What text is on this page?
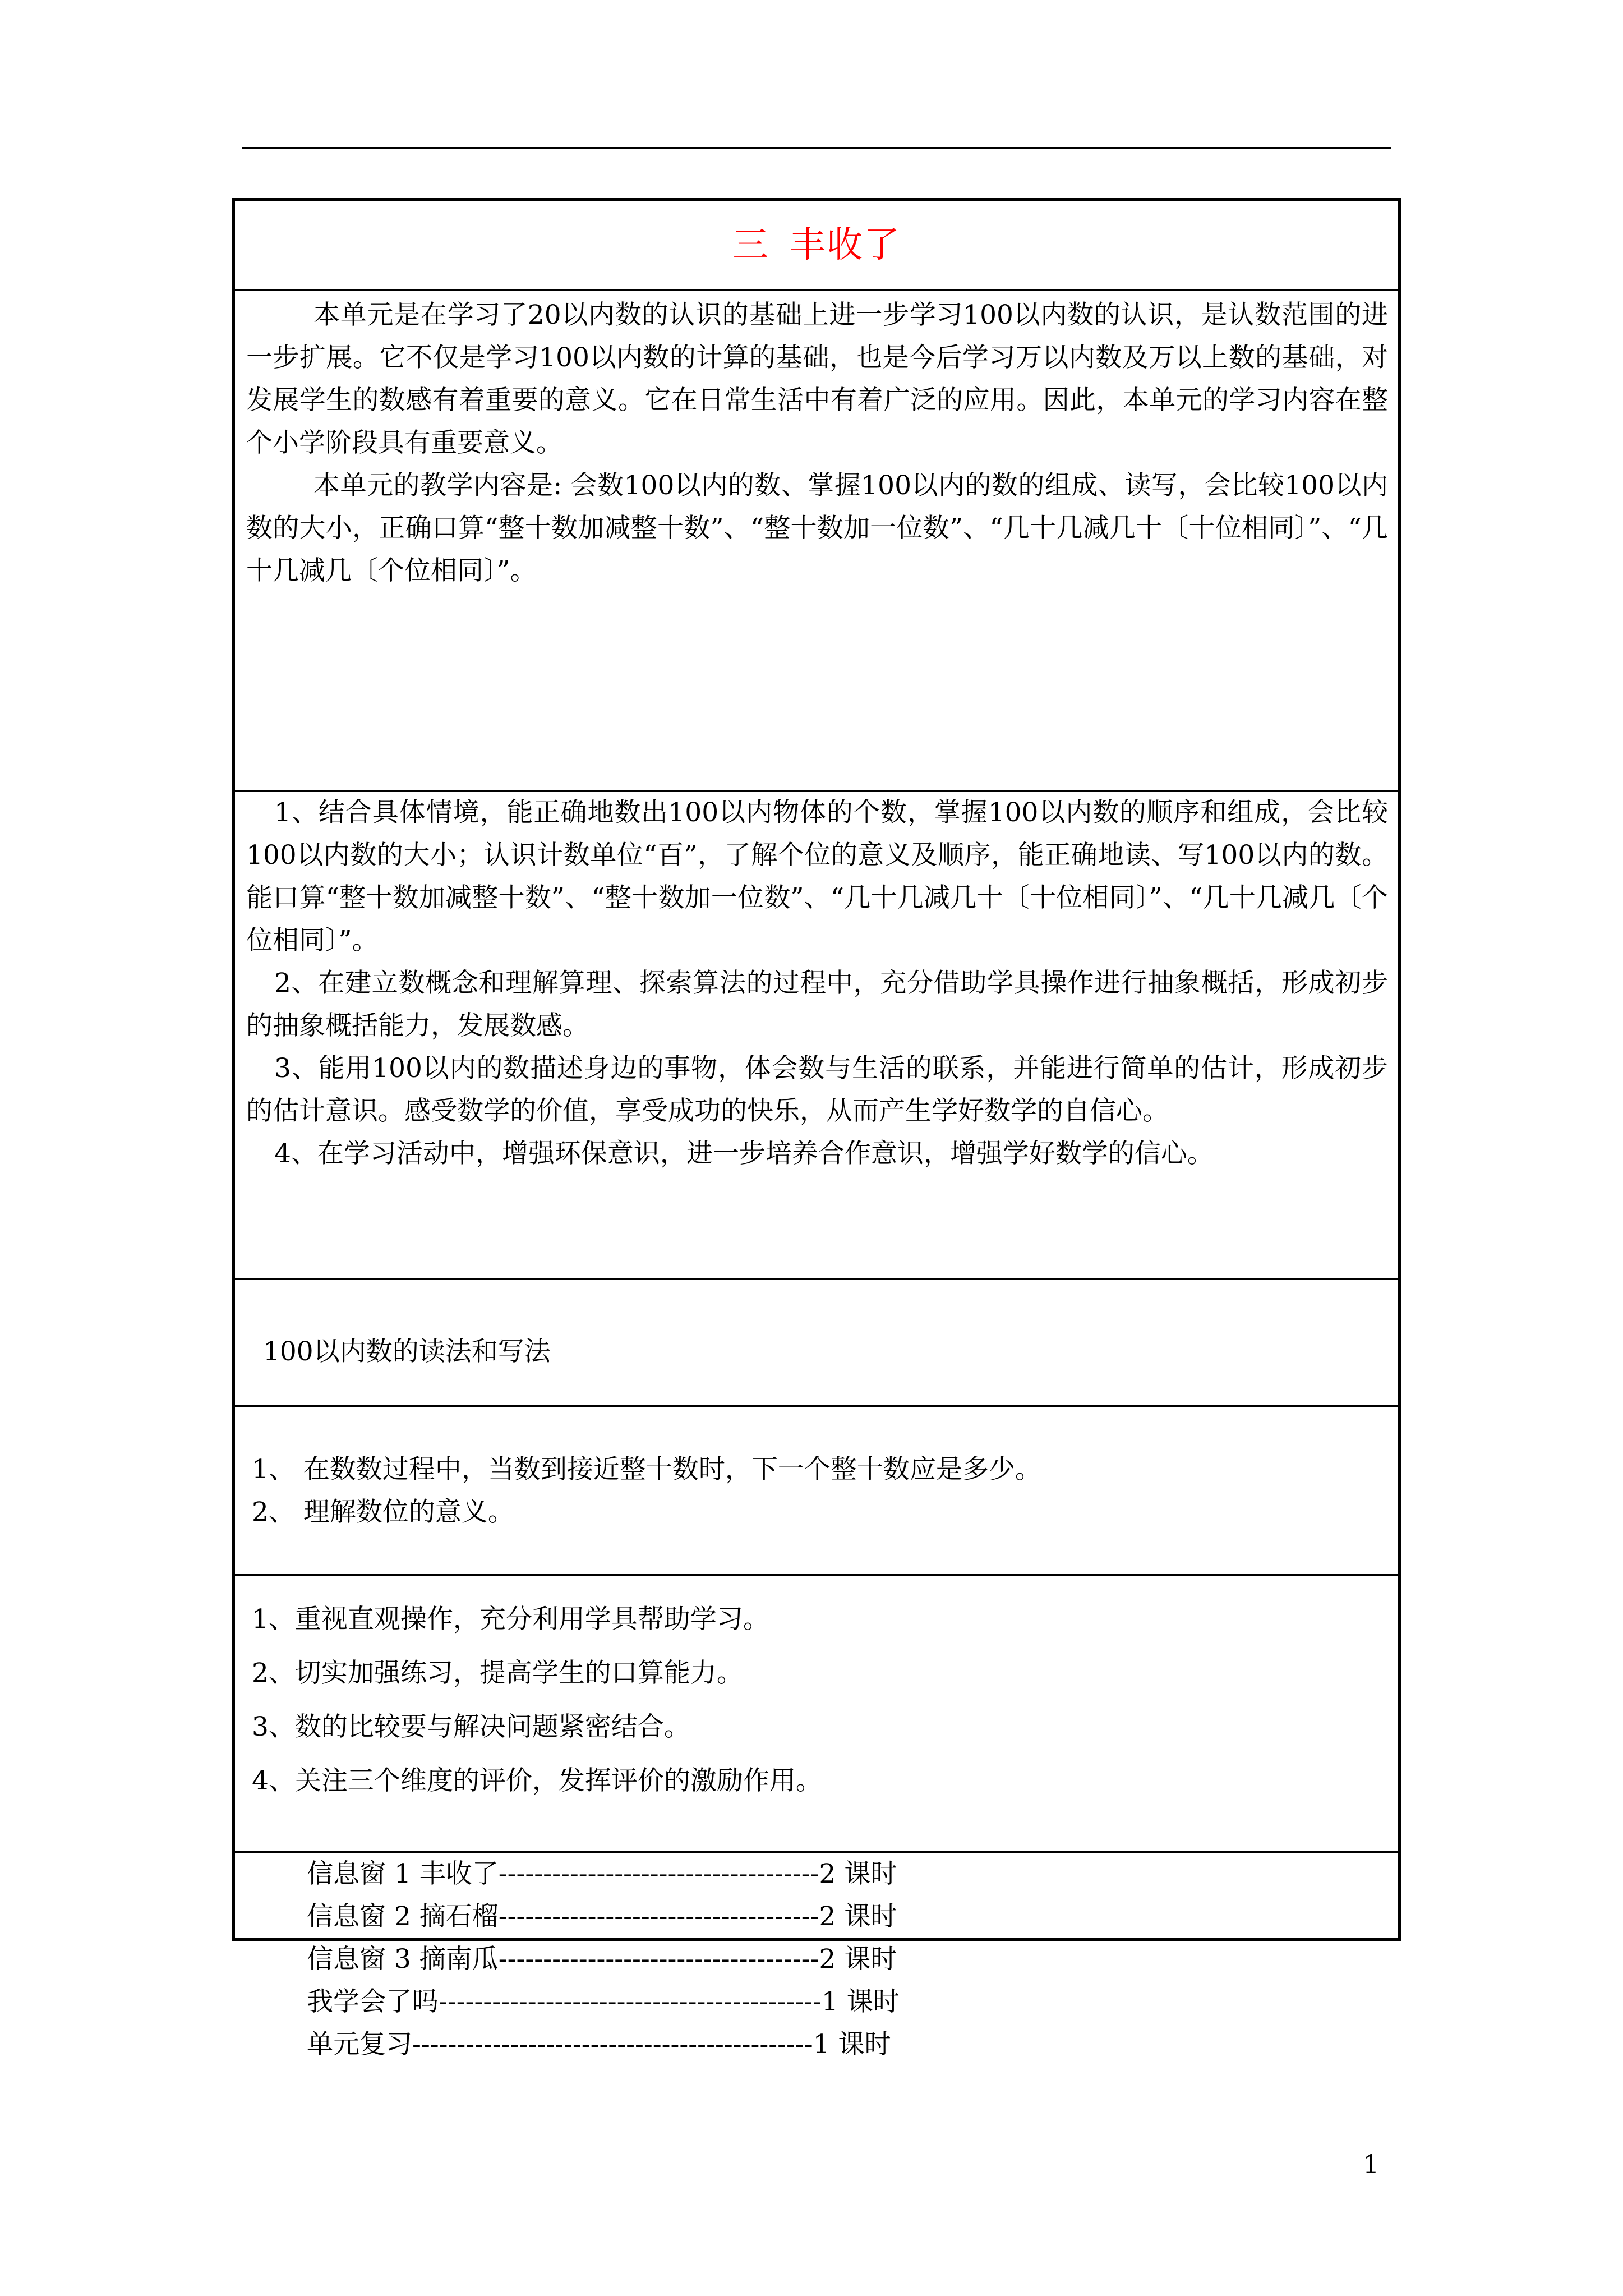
三 丰收了

本单元是在学习了20以内数的认识的基础上进一步学习100以内数的认识，是认数范围的进一步扩展。它不仅是学习100以内数的计算的基础，也是今后学习万以内数及万以上数的基础，对发展学生的数感有着重要的意义。它在日常生活中有着广泛的应用。因此，本单元的学习内容在整个小学阶段具有重要意义。

本单元的教学内容是: 会数100以内的数、掌握100以内的数的组成、读写，会比较100以内数的大小，正确口算“整十数加减整十数”、“整十数加一位数”、“几十几减几十〔十位相同〕”、“几十几减几〔个位相同〕”。

1、结合具体情境，能正确地数出100以内物体的个数，掌握100以内数的顺序和组成，会比较100以内数的大小；认识计数单位“百”，了解个位的意义及顺序，能正确地读、写100以内的数。能口算“整十数加减整十数”、“整十数加一位数”、“几十几减几十〔十位相同〕”、“几十几减几〔个位相同〕”。

2、在建立数概念和理解算理、探索算法的过程中，充分借助学具操作进行抽象概括，形成初步的抽象概括能力，发展数感。

3、能用100以内的数描述身边的事物，体会数与生活的联系，并能进行简单的估计，形成初步的估计意识。感受数学的价值，享受成功的快乐，从而产生学好数学的自信心。

4、在学习活动中，增强环保意识，进一步培养合作意识，增强学好数学的信心。

100以内数的读法和写法

1、 在数数过程中，当数到接近整十数时，下一个整十数应是多少。

2、 理解数位的意义。

1、重视直观操作，充分利用学具帮助学习。

2、切实加强练习，提高学生的口算能力。

3、数的比较要与解决问题紧密结合。

4、关注三个维度的评价，发挥评价的激励作用。

信息窗 1 丰收了------------------------------------2 课时

信息窗 2 摘石榴------------------------------------2 课时

信息窗 3 摘南瓜------------------------------------2 课时

我学会了吗-------------------------------------------1 课时

单元复习---------------------------------------------1 课时

1
